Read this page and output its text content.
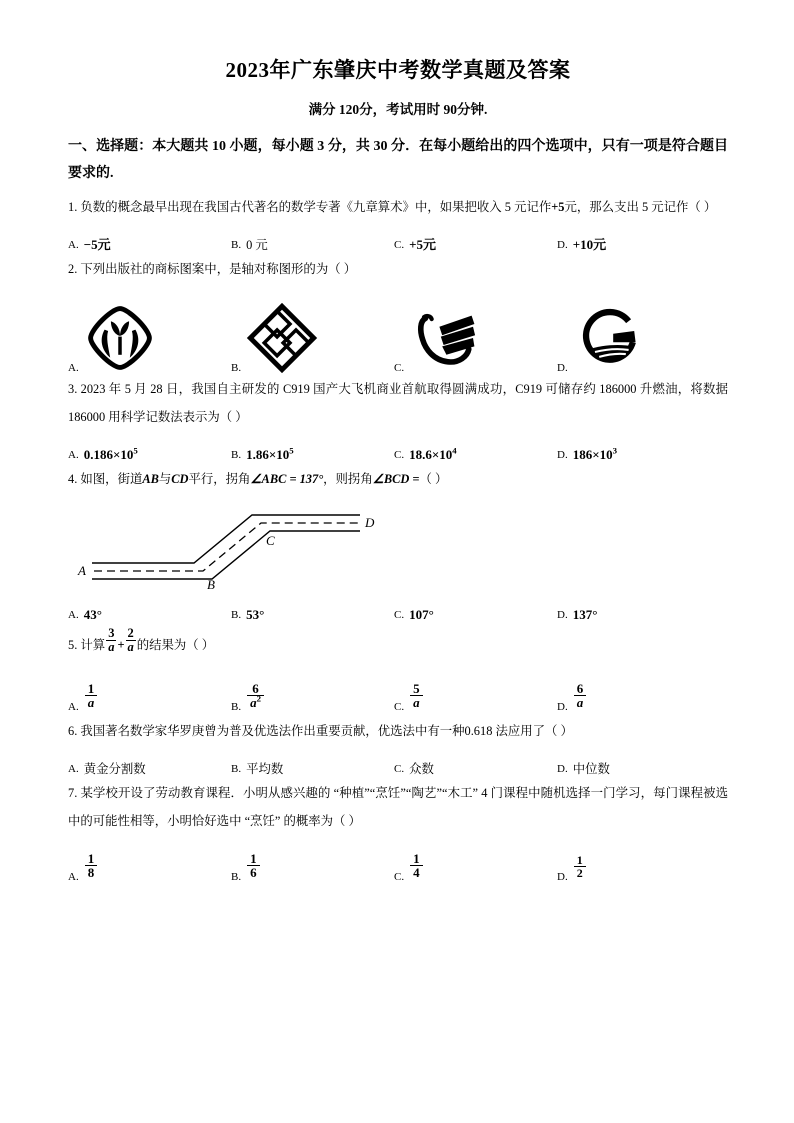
2023年广东肇庆中考数学真题及答案
满分 120分，考试用时 90分钟.
一、选择题：本大题共 10 小题，每小题 3 分，共 30 分．在每小题给出的四个选项中，只有一项是符合题目要求的.

1. 负数的概念最早出现在我国古代著名的数学专著《九章算术》中，如果把收入 5 元记作+5元，那么支出 5 元记作（ ）

A. −5元	B. 0 元	C. +5元	D. +10元

2. 下列出版社的商标图案中，是轴对称图形的为（ ）

A.	B.	C.	D.

3. 2023 年 5 月 28 日，我国自主研发的 C919 国产大飞机商业首航取得圆满成功，C919 可储存约 186000 升燃油，将数据 186000 用科学记数法表示为（ ）

A. $0.186\times 10^5$	B. $1.86\times 10^5$	C. $18.6\times 10^4$	D. $186\times 10^3$

4. 如图，街道AB与CD平行，拐角∠ABC = 137°，则拐角∠BCD =（ ）

A
B
C
D
A. 43°	B. 53°	C. 107°	D. 137°

5. 计算 $\frac{3}{a} + \frac{2}{a}$ 的结果为（ ）

A. $\frac{1}{a}$	B. $\frac{6}{a^2}$	C. $\frac{5}{a}$	D. $\frac{6}{a}$

6. 我国著名数学家华罗庚曾为普及优选法作出重要贡献，优选法中有一种0.618 法应用了（ ）

A. 黄金分割数	B. 平均数	C. 众数	D. 中位数

7. 某学校开设了劳动教育课程．小明从感兴趣的 “种植”“烹饪”“陶艺”“木工” 4 门课程中随机选择一门学习，每门课程被选中的可能性相等，小明恰好选中 “烹饪” 的概率为（ ）

A. $\frac{1}{8}$	B. $\frac{1}{6}$	C. $\frac{1}{4}$	D. $\frac{1}{2}$
